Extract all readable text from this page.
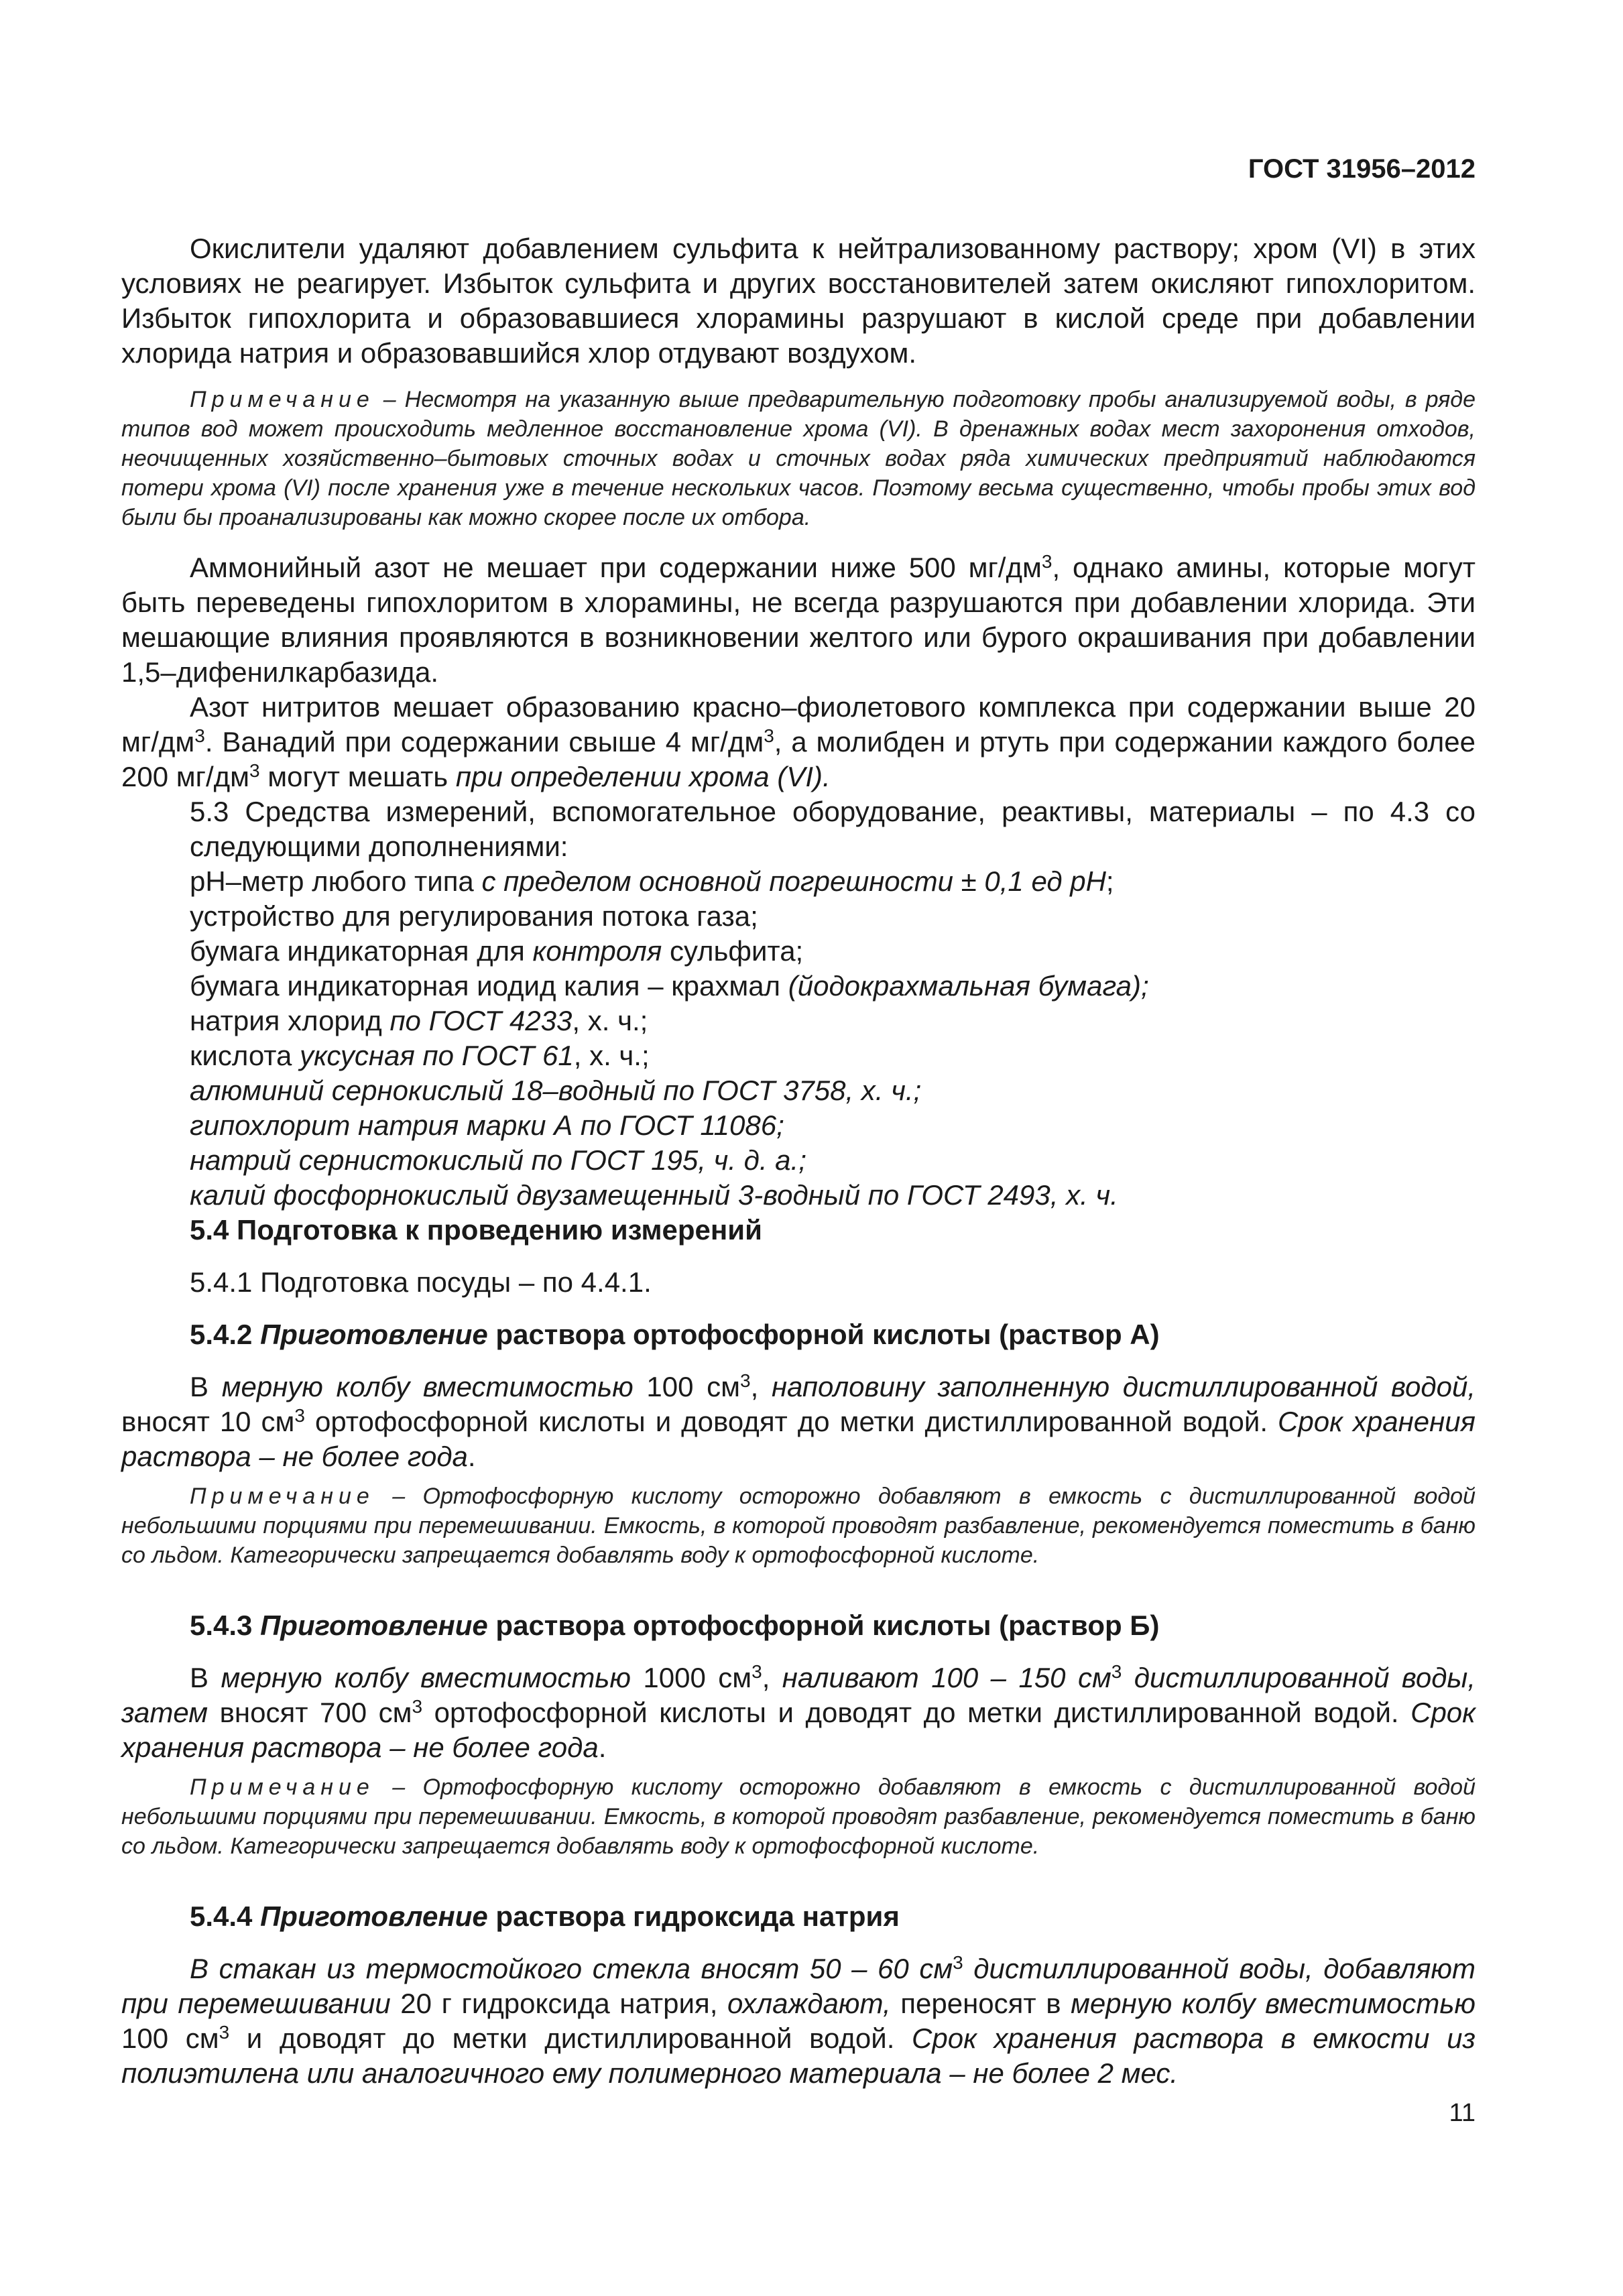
ГОСТ 31956–2012

Окислители удаляют добавлением сульфита к нейтрализованному раствору; хром (VI) в этих условиях не реагирует. Избыток сульфита и других восстановителей затем окисляют гипохлоритом. Избыток гипохлорита и образовавшиеся хлорамины разрушают в кислой среде при добавлении хлорида натрия и образовавшийся хлор отдувают воздухом.

Примечание – Несмотря на указанную выше предварительную подготовку пробы анализируемой воды, в ряде типов вод может происходить медленное восстановление хрома (VI). В дренажных водах мест захоронения отходов, неочищенных хозяйственно–бытовых сточных водах и сточных водах ряда химических предприятий наблюдаются потери хрома (VI) после хранения уже в течение нескольких часов. Поэтому весьма существенно, чтобы пробы этих вод были бы проанализированы как можно скорее после их отбора.

Аммонийный азот не мешает при содержании ниже 500 $мг/дм^3$, однако амины, которые могут быть переведены гипохлоритом в хлорамины, не всегда разрушаются при добавлении хлорида. Эти мешающие влияния проявляются в возникновении желтого или бурого окрашивания при добавлении 1,5–дифенилкарбазида.

Азот нитритов мешает образованию красно–фиолетового комплекса при содержании выше 20 $мг/дм^3$. Ванадий при содержании свыше 4 $мг/дм^3$, а молибден и ртуть при содержании каждого более 200 $мг/дм^3$ могут мешать при определении хрома (VI).

5.3 Средства измерений, вспомогательное оборудование, реактивы, материалы – по 4.3 со следующими дополнениями:

pH–метр любого типа с пределом основной погрешности ± 0,1 ед pH;

устройство для регулирования потока газа;

бумага индикаторная для контроля сульфита;

бумага индикаторная иодид калия – крахмал (йодокрахмальная бумага);

натрия хлорид по ГОСТ 4233, х. ч.;

кислота уксусная по ГОСТ 61, х. ч.;

алюминий сернокислый 18–водный по ГОСТ 3758, х. ч.;

гипохлорит натрия марки А по ГОСТ 11086;

натрий сернистокислый по ГОСТ 195, ч. д. а.;

калий фосфорнокислый двузамещенный 3-водный по ГОСТ 2493, х. ч.

5.4 Подготовка к проведению измерений

5.4.1 Подготовка посуды – по 4.4.1.

5.4.2 Приготовление раствора ортофосфорной кислоты (раствор А)

В мерную колбу вместимостью 100 $см^3$, наполовину заполненную дистиллированной водой, вносят 10 $см^3$ ортофосфорной кислоты и доводят до метки дистиллированной водой. Срок хранения раствора – не более года.

Примечание – Ортофосфорную кислоту осторожно добавляют в емкость с дистиллированной водой небольшими порциями при перемешивании. Емкость, в которой проводят разбавление, рекомендуется поместить в баню со льдом. Категорически запрещается добавлять воду к ортофосфорной кислоте.

5.4.3 Приготовление раствора ортофосфорной кислоты (раствор Б)

В мерную колбу вместимостью 1000 $см^3$, наливают 100 – 150 $см^3$ дистиллированной воды, затем вносят 700 $см^3$ ортофосфорной кислоты и доводят до метки дистиллированной водой. Срок хранения раствора – не более года.

Примечание – Ортофосфорную кислоту осторожно добавляют в емкость с дистиллированной водой небольшими порциями при перемешивании. Емкость, в которой проводят разбавление, рекомендуется поместить в баню со льдом. Категорически запрещается добавлять воду к ортофосфорной кислоте.

5.4.4 Приготовление раствора гидроксида натрия

В стакан из термостойкого стекла вносят 50 – 60 $см^3$ дистиллированной воды, добавляют при перемешивании 20 г гидроксида натрия, охлаждают, переносят в мерную колбу вместимостью 100 $см^3$ и доводят до метки дистиллированной водой. Срок хранения раствора в емкости из полиэтилена или аналогичного ему полимерного материала – не более 2 мес.

11
